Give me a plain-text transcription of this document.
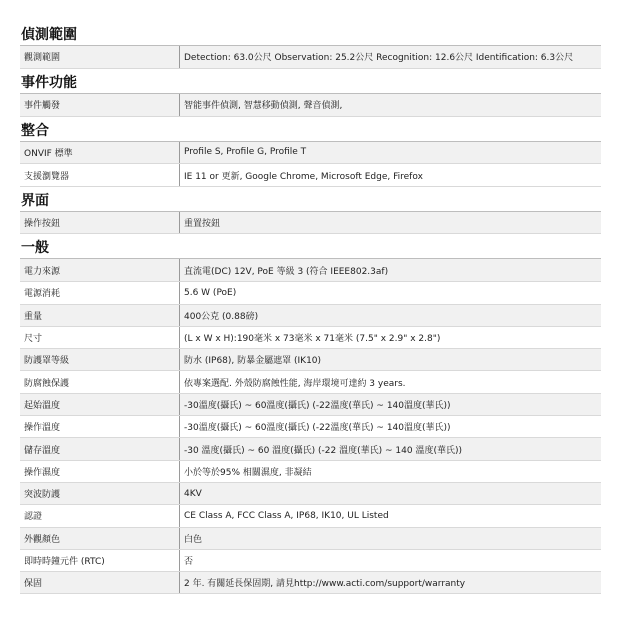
偵測範圍
觀測範圍	Detection: 63.0公尺 Observation: 25.2公尺 Recognition: 12.6公尺 Identification: 6.3公尺
事件功能
事件觸發	智能事件偵測, 智慧移動偵測, 聲音偵測,
整合
ONVIF 標準	Profile S, Profile G, Profile T
支援瀏覽器	IE 11 or 更新, Google Chrome, Microsoft Edge, Firefox
界面
操作按鈕	重置按鈕
一般
電力來源	直流電(DC) 12V, PoE 等級 3 (符合 IEEE802.3af)
電源消耗	5.6 W (PoE)
重量	400公克 (0.88磅)
尺寸	(L x W x H):190毫米 x 73毫米 x 71毫米 (7.5" x 2.9" x 2.8")
防護罩等級	防水 (IP68), 防暴金屬遮罩 (IK10)
防腐蝕保護	依專案選配. 外殼防腐蝕性能, 海岸環境可達約 3 years.
起始溫度	-30溫度(攝氏) ~ 60溫度(攝氏) (-22溫度(華氏) ~ 140溫度(華氏))
操作溫度	-30溫度(攝氏) ~ 60溫度(攝氏) (-22溫度(華氏) ~ 140溫度(華氏))
儲存溫度	-30 溫度(攝氏) ~ 60 溫度(攝氏) (-22 溫度(華氏) ~ 140 溫度(華氏))
操作濕度	小於等於95% 相關濕度, 非凝結
突波防護	4KV
認證	CE Class A, FCC Class A, IP68, IK10, UL Listed
外觀顏色	白色
即時時鐘元件 (RTC)	否
保固	2 年. 有關延長保固期, 請見http://www.acti.com/support/warranty
